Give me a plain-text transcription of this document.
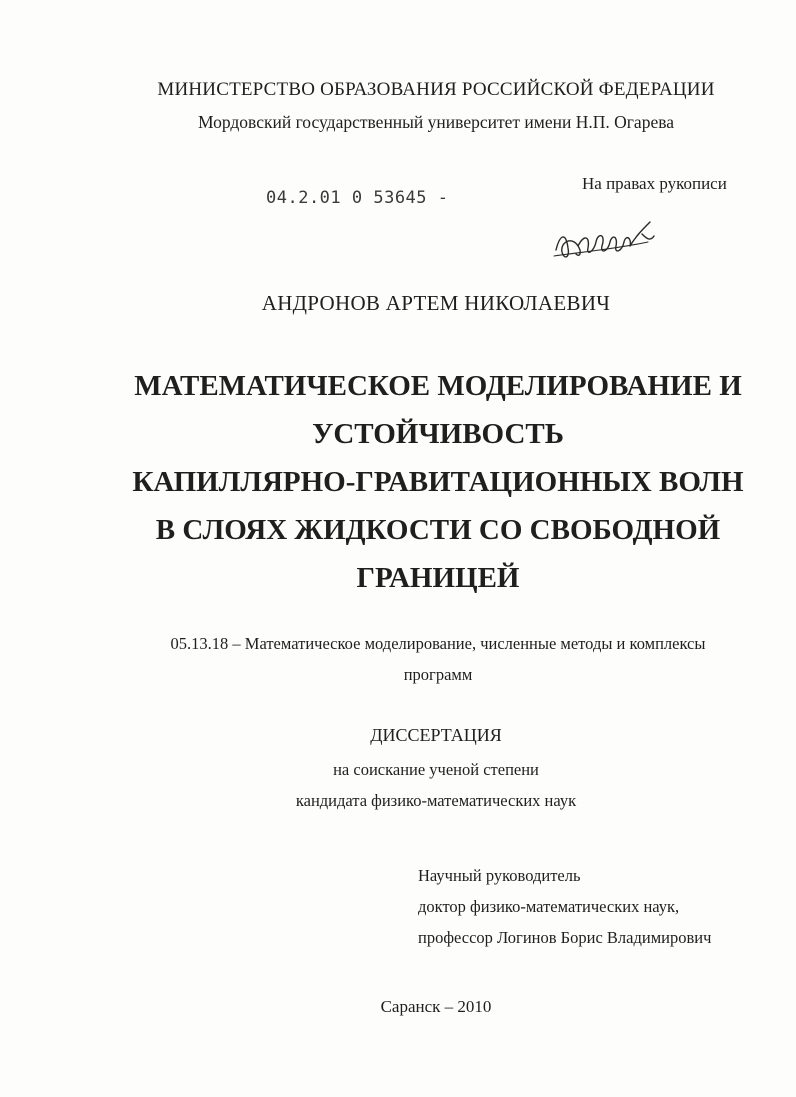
МИНИСТЕРСТВО ОБРАЗОВАНИЯ РОССИЙСКОЙ ФЕДЕРАЦИИ
Мордовский государственный университет имени Н.П. Огарева
04.2.01 0 53645 -
На правах рукописи
АНДРОНОВ АРТЕМ НИКОЛАЕВИЧ
МАТЕМАТИЧЕСКОЕ МОДЕЛИРОВАНИЕ И
УСТОЙЧИВОСТЬ
КАПИЛЛЯРНО-ГРАВИТАЦИОННЫХ ВОЛН
В СЛОЯХ ЖИДКОСТИ СО СВОБОДНОЙ
ГРАНИЦЕЙ
05.13.18 – Математическое моделирование, численные методы и комплексы
программ
ДИССЕРТАЦИЯ
на соискание ученой степени
кандидата физико-математических наук
Научный руководитель
доктор физико-математических наук,
профессор Логинов Борис Владимирович
Саранск – 2010
